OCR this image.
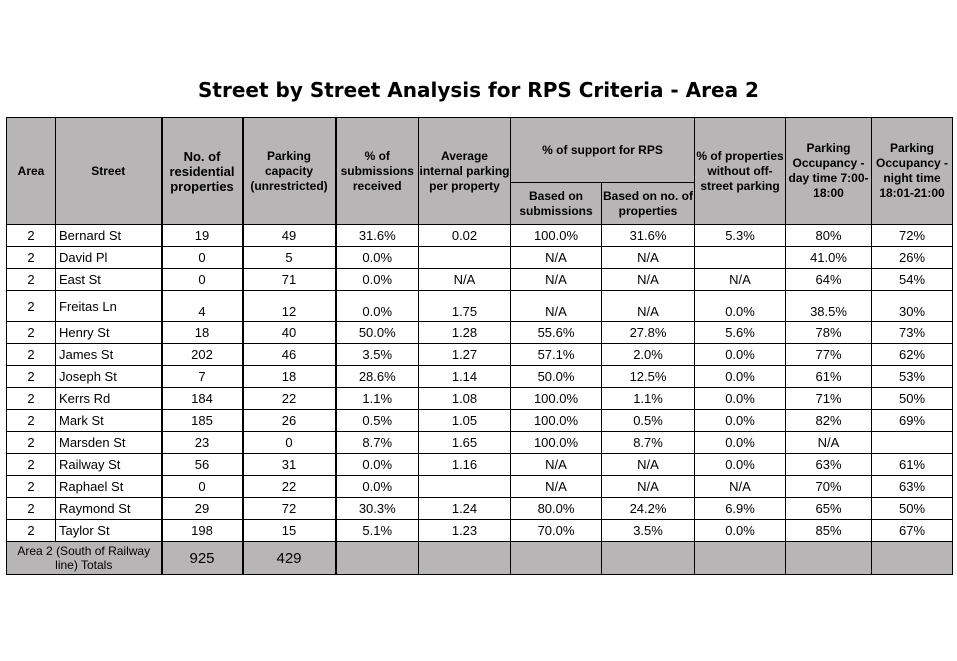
Street by Street Analysis for RPS Criteria - Area 2
Area	Street	No. of residential properties	Parking capacity (unrestricted)	% of submissions received	Average internal parking per property	% of support for RPS		% of properties without off-street parking	Parking Occupancy - day time 7:00-18:00	Parking Occupancy - night time 18:01-21:00
						Based on submissions	Based on no. of properties			
2	Bernard St	19	49	31.6%	0.02	100.0%	31.6%	5.3%	80%	72%
2	David Pl	0	5	0.0%		N/A	N/A		41.0%	26%
2	East St	0	71	0.0%	N/A	N/A	N/A	N/A	64%	54%
2	Freitas Ln	4	12	0.0%	1.75	N/A	N/A	0.0%	38.5%	30%
2	Henry St	18	40	50.0%	1.28	55.6%	27.8%	5.6%	78%	73%
2	James St	202	46	3.5%	1.27	57.1%	2.0%	0.0%	77%	62%
2	Joseph St	7	18	28.6%	1.14	50.0%	12.5%	0.0%	61%	53%
2	Kerrs Rd	184	22	1.1%	1.08	100.0%	1.1%	0.0%	71%	50%
2	Mark St	185	26	0.5%	1.05	100.0%	0.5%	0.0%	82%	69%
2	Marsden St	23	0	8.7%	1.65	100.0%	8.7%	0.0%	N/A	
2	Railway St	56	31	0.0%	1.16	N/A	N/A	0.0%	63%	61%
2	Raphael St	0	22	0.0%		N/A	N/A	N/A	70%	63%
2	Raymond St	29	72	30.3%	1.24	80.0%	24.2%	6.9%	65%	50%
2	Taylor St	198	15	5.1%	1.23	70.0%	3.5%	0.0%	85%	67%
Area 2 (South of Railway line) Totals		925	429							
